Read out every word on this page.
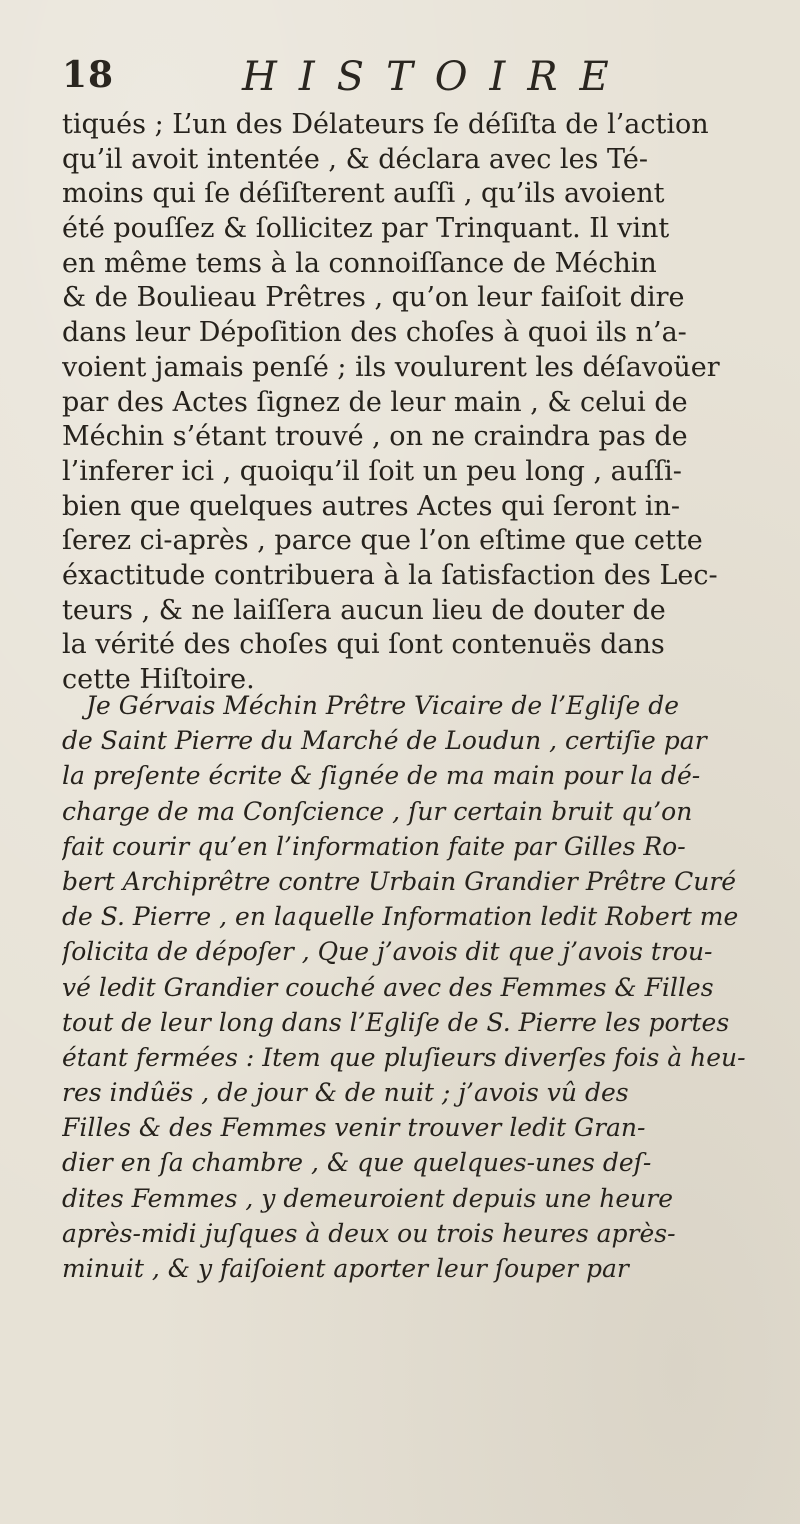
18	HISTOIRE

tiqués ; L’un des Délateurs ſe déſiſta de l’action

qu’il avoit intentée , & déclara avec les Té-

moins qui ſe déſiſterent auſſi , qu’ils avoient

été pouſſez & ſollicitez par Trinquant. Il vint

en même tems à la connoiſſance de Méchin

& de Boulieau Prêtres , qu’on leur faiſoit dire

dans leur Dépoſition des choſes à quoi ils n’a-

voient jamais penſé ; ils voulurent les déſavoüer

par des Actes ſignez de leur main , & celui de

Méchin s’étant trouvé , on ne craindra pas de

l’inferer ici , quoiqu’il ſoit un peu long , auſſi-

bien que quelques autres Actes qui ſeront in-

ſerez ci-après , parce que l’on eſtime que cette

éxactitude contribuera à la ſatisfaction des Lec-

teurs , & ne laiſſera aucun lieu de douter de

la vérité des choſes qui ſont contenuës dans

cette Hiſtoire.

Je Gérvais Méchin Prêtre Vicaire de l’Egliſe de

de Saint Pierre du Marché de Loudun , certiſie par

la preſente écrite & ſignée de ma main pour la dé-

charge de ma Conſcience , ſur certain bruit qu’on

fait courir qu’en l’information faite par Gilles Ro-

bert Archiprêtre contre Urbain Grandier Prêtre Curé

de S. Pierre , en laquelle Information ledit Robert me

ſolicita de dépoſer , Que j’avois dit que j’avois trou-

vé ledit Grandier couché avec des Femmes & Filles

tout de leur long dans l’Egliſe de S. Pierre les portes

étant fermées : Item que pluſieurs diverſes fois à heu-

res indûës , de jour & de nuit ; j’avois vû des

Filles & des Femmes venir trouver ledit Gran-

dier en ſa chambre , & que quelques-unes deſ-

dites Femmes , y demeuroient depuis une heure

après-midi juſques à deux ou trois heures après-

minuit , & y faiſoient aporter leur ſouper par
